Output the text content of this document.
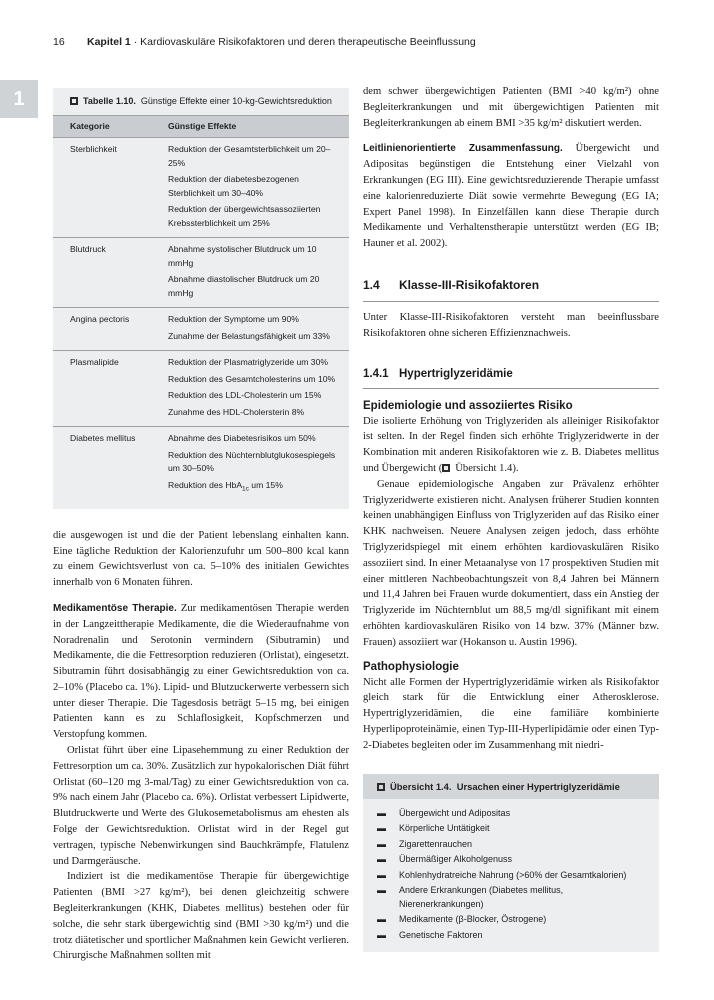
16 Kapitel 1 · Kardiovaskuläre Risikofaktoren und deren therapeutische Beeinflussung
1	Tabelle 1.10. Günstige Effekte einer 10-kg-Gewichtsreduktion
Kategorie	Günstige Effekte
Sterblichkeit	Reduktion der Gesamtsterblichkeit um 20–25%
Reduktion der diabetesbezogenen Sterblichkeit um 30–40%
Reduktion der übergewichtsassoziierten Krebssterblichkeit um 25%
Blutdruck	Abnahme systolischer Blutdruck um 10 mmHg
Abnahme diastolischer Blutdruck um 20 mmHg
Angina pectoris	Reduktion der Symptome um 90%
Zunahme der Belastungsfähigkeit um 33%
Plasmalipide	Reduktion der Plasmatriglyzeride um 30%
Reduktion des Gesamtcholesterins um 10%
Reduktion des LDL-Cholesterin um 15%
Zunahme des HDL-Cholersterin 8%
Diabetes mellitus	Abnahme des Diabetesrisikos um 50%
Reduktion des Nüchternblutglukosespiegels um 30–50%
Reduktion des HbA$_{1c}$ um 15%

die ausgewogen ist und die der Patient lebenslang einhalten kann. Eine tägliche Reduktion der Kalorienzufuhr um 500–800 kcal kann zu einem Gewichtsverlust von ca. 5–10% des initialen Gewichtes innerhalb von 6 Monaten führen.

Medikamentöse Therapie. Zur medikamentösen Therapie werden in der Langzeittherapie Medikamente, die die Wiederaufnahme von Noradrenalin und Serotonin vermindern (Sibutramin) und Medikamente, die die Fettresorption reduzieren (Orlistat), eingesetzt. Sibutramin führt dosisabhängig zu einer Gewichtsreduktion von ca. 2–10% (Placebo ca. 1%). Lipid- und Blutzuckerwerte verbessern sich unter dieser Therapie. Die Tagesdosis beträgt 5–15 mg, bei einigen Patienten kann es zu Schlaflosigkeit, Kopfschmerzen und Verstopfung kommen.

Orlistat führt über eine Lipasehemmung zu einer Reduktion der Fettresorption um ca. 30%. Zusätzlich zur hypokalorischen Diät führt Orlistat (60–120 mg 3-mal/Tag) zu einer Gewichtsreduktion von ca. 9% nach einem Jahr (Placebo ca. 6%). Orlistat verbessert Lipidwerte, Blutdruckwerte und Werte des Glukosemetabolismus am ehesten als Folge der Gewichtsreduktion. Orlistat wird in der Regel gut vertragen, typische Nebenwirkungen sind Bauchkrämpfe, Flatulenz und Darmgeräusche.

Indiziert ist die medikamentöse Therapie für übergewichtige Patienten (BMI >27 kg/m²), bei denen gleichzeitig schwere Begleiterkrankungen (KHK, Diabetes mellitus) bestehen oder für solche, die sehr stark übergewichtig sind (BMI >30 kg/m²) und die trotz diätetischer und sportlicher Maßnahmen kein Gewicht verlieren. Chirurgische Maßnahmen sollten mit

dem schwer übergewichtigen Patienten (BMI >40 kg/m²) ohne Begleiterkrankungen und mit übergewichtigen Patienten mit Begleiterkrankungen ab einem BMI >35 kg/m² diskutiert werden.

Leitlinienorientierte Zusammenfassung. Übergewicht und Adipositas begünstigen die Entstehung einer Vielzahl von Erkrankungen (EG III). Eine gewichtsreduzierende Therapie umfasst eine kalorienreduzierte Diät sowie vermehrte Bewegung (EG IA; Expert Panel 1998). In Einzelfällen kann diese Therapie durch Medikamente und Verhaltenstherapie unterstützt werden (EG IB; Hauner et al. 2002).

1.4 Klasse-III-Risikofaktoren

Unter Klasse-III-Risikofaktoren versteht man beeinflussbare Risikofaktoren ohne sicheren Effizienznachweis.

1.4.1 Hypertriglyzeridämie
Epidemiologie und assoziiertes Risiko

Die isolierte Erhöhung von Triglyzeriden als alleiniger Risikofaktor ist selten. In der Regel finden sich erhöhte Triglyzeridwerte in der Kombination mit anderen Risikofaktoren wie z. B. Diabetes mellitus und Übergewicht ( Übersicht 1.4).

Genaue epidemiologische Angaben zur Prävalenz erhöhter Triglyzeridwerte existieren nicht. Analysen früherer Studien konnten keinen unabhängigen Einfluss von Triglyzeriden auf das Risiko einer KHK nachweisen. Neuere Analysen zeigen jedoch, dass erhöhte Triglyzeridspiegel mit einem erhöhten kardiovaskulären Risiko assoziiert sind. In einer Metaanalyse von 17 prospektiven Studien mit einer mittleren Nachbeobachtungszeit von 8,4 Jahren bei Männern und 11,4 Jahren bei Frauen wurde dokumentiert, dass ein Anstieg der Triglyzeride im Nüchternblut um 88,5 mg/dl signifikant mit einem erhöhten kardiovaskulären Risiko von 14 bzw. 37% (Männer bzw. Frauen) assoziiert war (Hokanson u. Austin 1996).

Pathophysiologie

Nicht alle Formen der Hypertriglyzeridämie wirken als Risikofaktor gleich stark für die Entwicklung einer Atherosklerose. Hypertriglyzeridämien, die eine familiäre kombinierte Hyperlipoproteinämie, einen Typ-III-Hyperlipidämie oder einen Typ-2-Diabetes begleiten oder im Zusammenhang mit niedri-

Übersicht 1.4. Ursachen einer Hypertriglyzeridämie
▬	Übergewicht und Adipositas
▬	Körperliche Untätigkeit
▬	Zigarettenrauchen
▬	Übermäßiger Alkoholgenuss
▬	Kohlenhydratreiche Nahrung (>60% der Gesamtkalorien)
▬	Andere Erkrankungen (Diabetes mellitus, Nierenerkrankungen)
▬	Medikamente (β-Blocker, Östrogene)
▬	Genetische Faktoren
